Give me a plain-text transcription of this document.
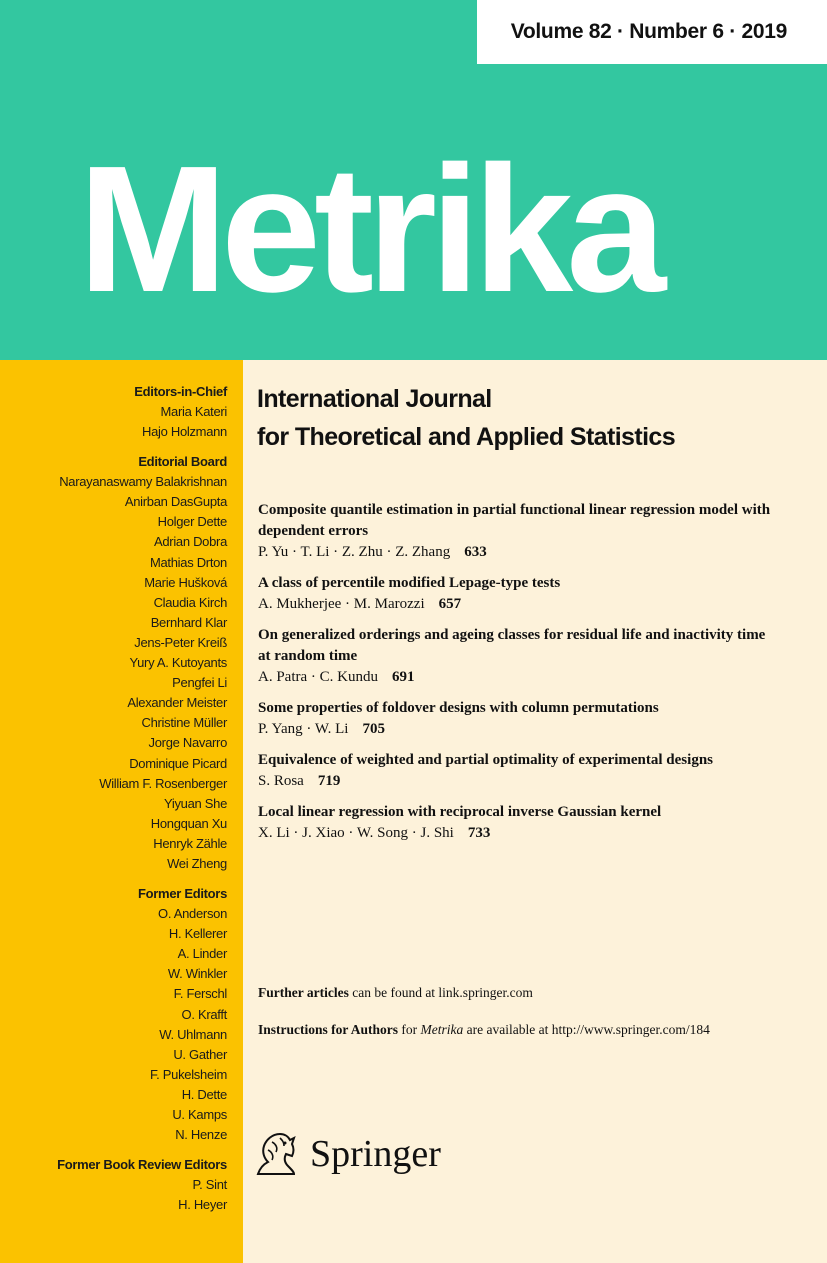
Volume 82 · Number 6 · 2019
Metrika
Editors-in-Chief
Maria Kateri
Hajo Holzmann
Editorial Board
Narayanaswamy Balakrishnan
Anirban DasGupta
Holger Dette
Adrian Dobra
Mathias Drton
Marie Hušková
Claudia Kirch
Bernhard Klar
Jens-Peter Kreiß
Yury A. Kutoyants
Pengfei Li
Alexander Meister
Christine Müller
Jorge Navarro
Dominique Picard
William F. Rosenberger
Yiyuan She
Hongquan Xu
Henryk Zähle
Wei Zheng
Former Editors
O. Anderson
H. Kellerer
A. Linder
W. Winkler
F. Ferschl
O. Krafft
W. Uhlmann
U. Gather
F. Pukelsheim
H. Dette
U. Kamps
N. Henze
Former Book Review Editors
P. Sint
H. Heyer
International Journal
for Theoretical and Applied Statistics
Composite quantile estimation in partial functional linear regression model with dependent errors
P. Yu · T. Li · Z. Zhu · Z. Zhang 633
A class of percentile modified Lepage-type tests
A. Mukherjee · M. Marozzi 657
On generalized orderings and ageing classes for residual life and inactivity time at random time
A. Patra · C. Kundu 691
Some properties of foldover designs with column permutations
P. Yang · W. Li 705
Equivalence of weighted and partial optimality of experimental designs
S. Rosa 719
Local linear regression with reciprocal inverse Gaussian kernel
X. Li · J. Xiao · W. Song · J. Shi 733
Further articles can be found at link.springer.com
Instructions for Authors for Metrika are available at http://www.springer.com/184
Springer
